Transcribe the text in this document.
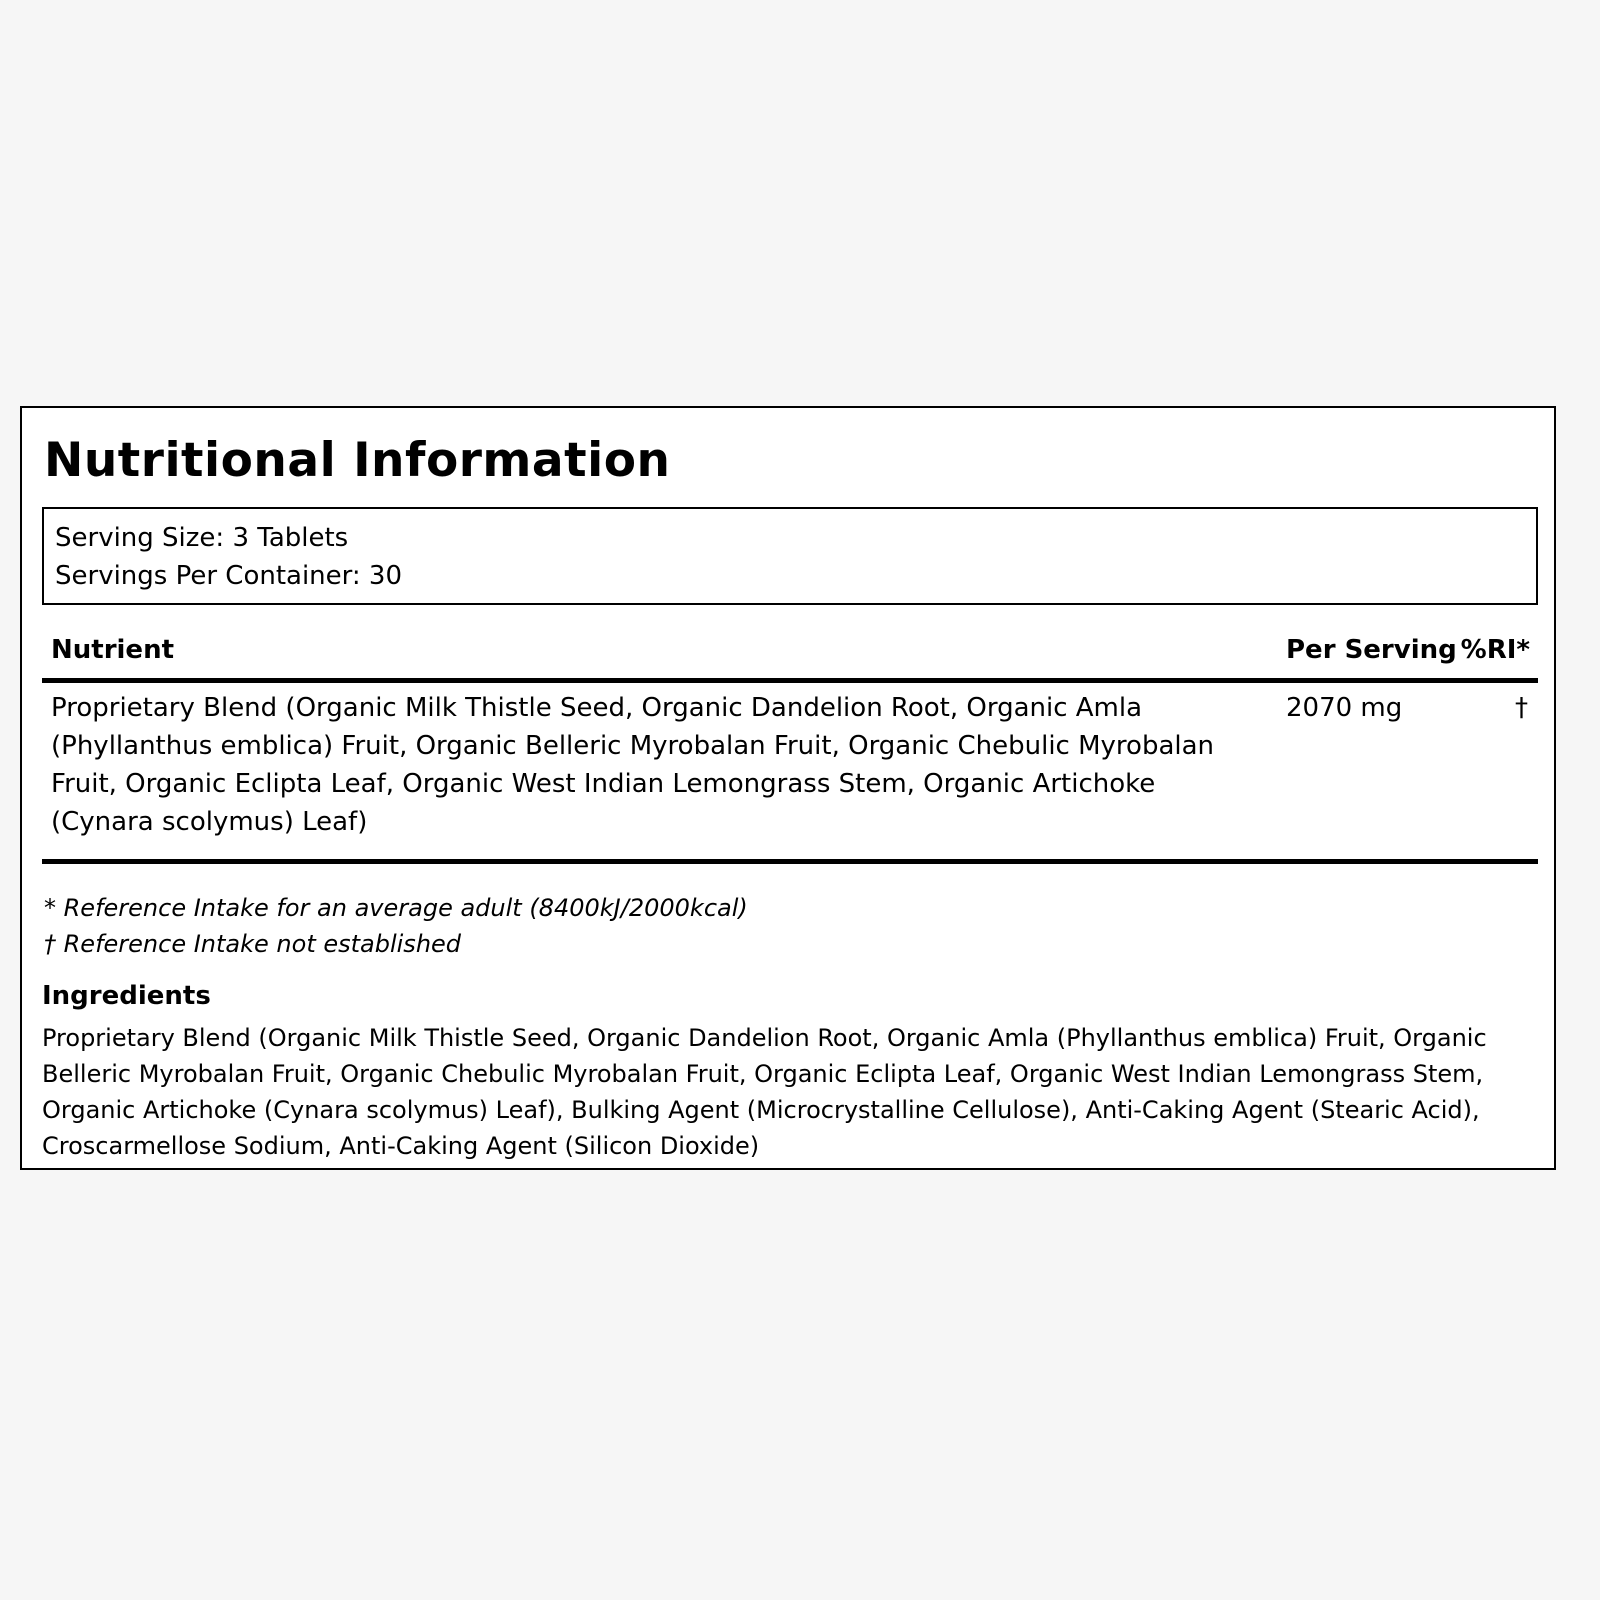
Nutritional Information
Serving Size: 3 Tablets
Servings Per Container: 30
Nutrient	Per Serving %RI*
Proprietary Blend (Organic Milk Thistle Seed, Organic Dandelion Root, Organic Amla (Phyllanthus emblica) Fruit, Organic Belleric Myrobalan Fruit, Organic Chebulic Myrobalan Fruit, Organic Eclipta Leaf, Organic West Indian Lemongrass Stem, Organic Artichoke (Cynara scolymus) Leaf)
2070 mg	†
* Reference Intake for an average adult (8400kJ/2000kcal)
† Reference Intake not established
Ingredients

Proprietary Blend (Organic Milk Thistle Seed, Organic Dandelion Root, Organic Amla (Phyllanthus emblica) Fruit, Organic Belleric Myrobalan Fruit, Organic Chebulic Myrobalan Fruit, Organic Eclipta Leaf, Organic West Indian Lemongrass Stem, Organic Artichoke (Cynara scolymus) Leaf), Bulking Agent (Microcrystalline Cellulose), Anti-Caking Agent (Stearic Acid), Croscarmellose Sodium, Anti-Caking Agent (Silicon Dioxide)
